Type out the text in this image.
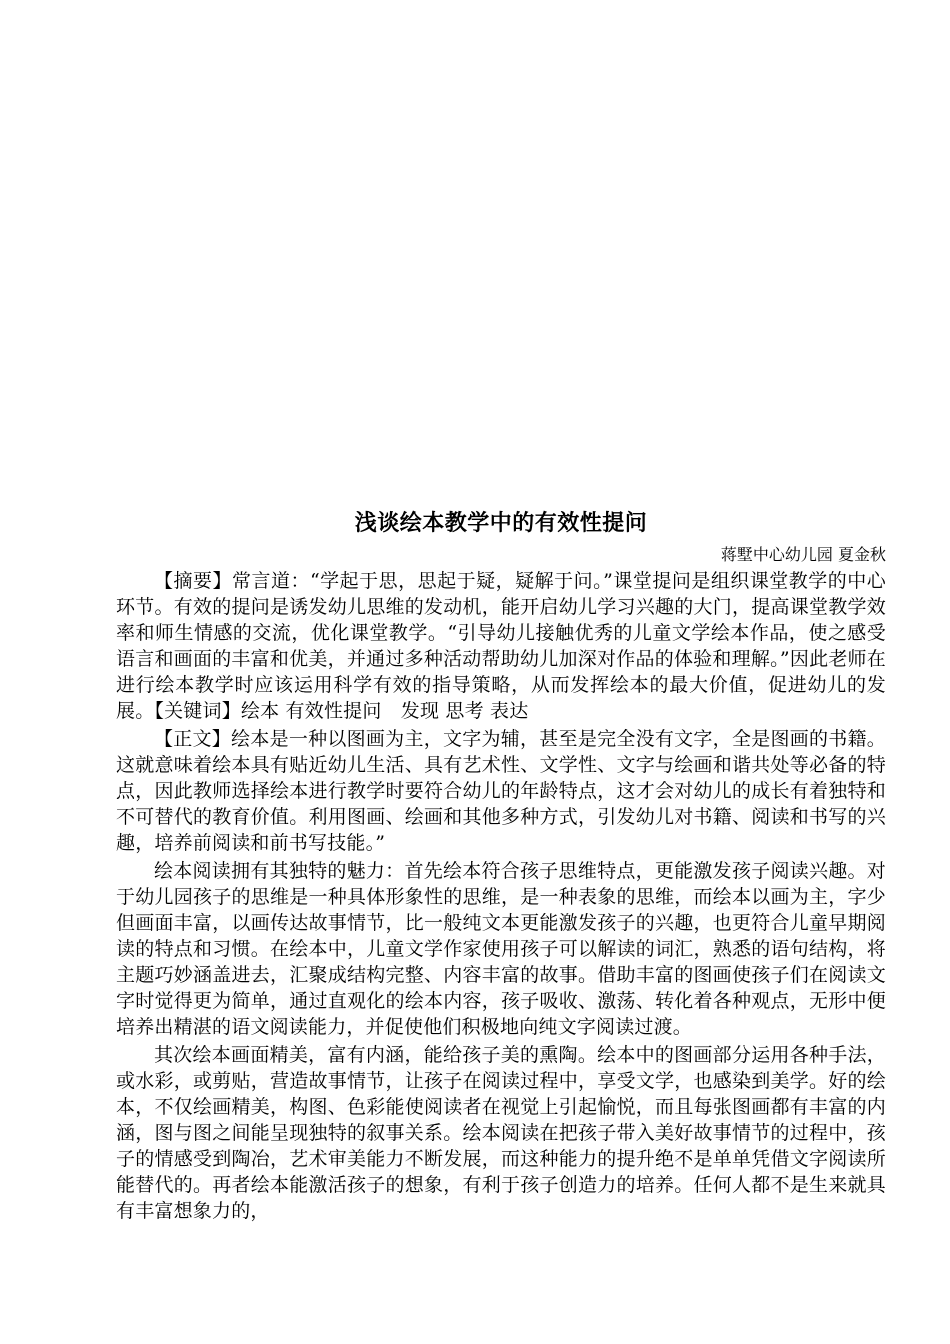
浅谈绘本教学中的有效性提问
蒋墅中心幼儿园 夏金秋

【摘要】常言道：“学起于思，思起于疑，疑解于问。”课堂提问是组织课堂教学的中心环节。有效的提问是诱发幼儿思维的发动机，能开启幼儿学习兴趣的大门，提高课堂教学效率和师生情感的交流，优化课堂教学。“引导幼儿接触优秀的儿童文学绘本作品，使之感受语言和画面的丰富和优美，并通过多种活动帮助幼儿加深对作品的体验和理解。”因此老师在进行绘本教学时应该运用科学有效的指导策略，从而发挥绘本的最大价值，促进幼儿的发展。【关键词】绘本 有效性提问　发现 思考 表达

【正文】绘本是一种以图画为主，文字为辅，甚至是完全没有文字，全是图画的书籍。这就意味着绘本具有贴近幼儿生活、具有艺术性、文学性、文字与绘画和谐共处等必备的特点，因此教师选择绘本进行教学时要符合幼儿的年龄特点，这才会对幼儿的成长有着独特和不可替代的教育价值。利用图画、绘画和其他多种方式，引发幼儿对书籍、阅读和书写的兴趣，培养前阅读和前书写技能。”

绘本阅读拥有其独特的魅力：首先绘本符合孩子思维特点，更能激发孩子阅读兴趣。对于幼儿园孩子的思维是一种具体形象性的思维，是一种表象的思维，而绘本以画为主，字少但画面丰富，以画传达故事情节，比一般纯文本更能激发孩子的兴趣，也更符合儿童早期阅读的特点和习惯。在绘本中，儿童文学作家使用孩子可以解读的词汇，熟悉的语句结构，将主题巧妙涵盖进去，汇聚成结构完整、内容丰富的故事。借助丰富的图画使孩子们在阅读文字时觉得更为简单，通过直观化的绘本内容，孩子吸收、激荡、转化着各种观点，无形中便培养出精湛的语文阅读能力，并促使他们积极地向纯文字阅读过渡。

其次绘本画面精美，富有内涵，能给孩子美的熏陶。绘本中的图画部分运用各种手法，或水彩，或剪贴，营造故事情节，让孩子在阅读过程中，享受文学，也感染到美学。好的绘本，不仅绘画精美，构图、色彩能使阅读者在视觉上引起愉悦，而且每张图画都有丰富的内涵，图与图之间能呈现独特的叙事关系。绘本阅读在把孩子带入美好故事情节的过程中，孩子的情感受到陶冶，艺术审美能力不断发展，而这种能力的提升绝不是单单凭借文字阅读所能替代的。再者绘本能激活孩子的想象，有利于孩子创造力的培养。任何人都不是生来就具有丰富想象力的，
